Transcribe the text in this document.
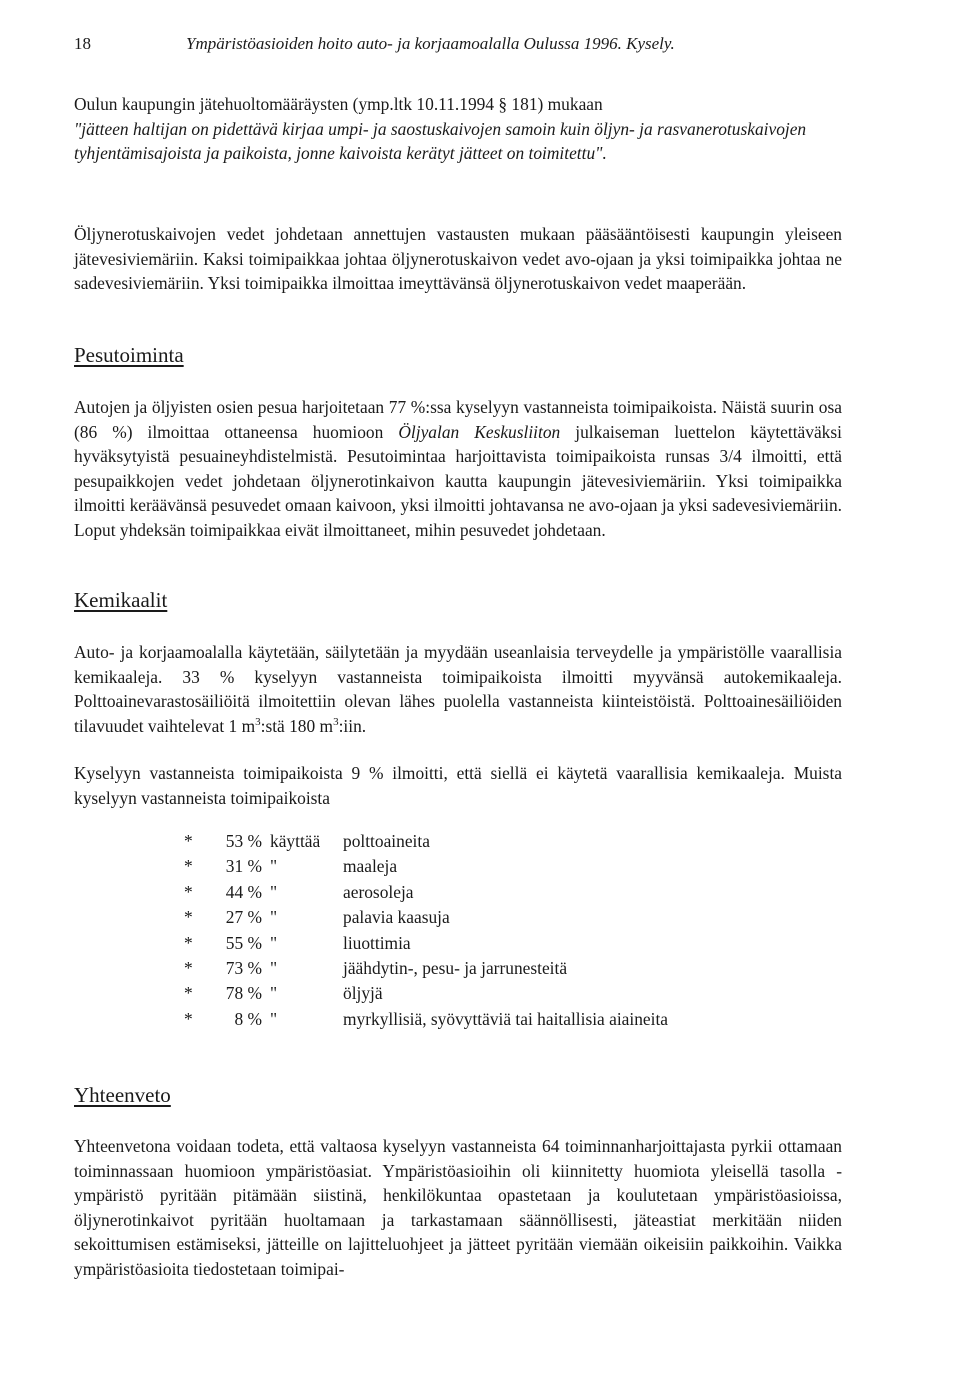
18	Ympäristöasioiden hoito auto- ja korjaamoalalla Oulussa 1996. Kysely.

Oulun kaupungin jätehuoltomääräysten (ymp.ltk 10.11.1994 § 181) mukaan

"jätteen haltijan on pidettävä kirjaa umpi- ja saostuskaivojen samoin kuin öljyn- ja rasvanerotuskaivojen tyhjentämisajoista ja paikoista, jonne kaivoista kerätyt jätteet on toimitettu".

Öljynerotuskaivojen vedet johdetaan annettujen vastausten mukaan pääsääntöisesti kaupungin yleiseen jätevesiviemäriin. Kaksi toimipaikkaa johtaa öljynerotuskaivon vedet avo-ojaan ja yksi toimipaikka johtaa ne sadevesiviemäriin. Yksi toimipaikka ilmoittaa imeyttävänsä öljynerotuskaivon vedet maaperään.

Pesutoiminta

Autojen ja öljyisten osien pesua harjoitetaan 77 %:ssa kyselyyn vastanneista toimipaikoista. Näistä suurin osa (86 %) ilmoittaa ottaneensa huomioon Öljyalan Keskusliiton julkaiseman luettelon käytettäväksi hyväksytyistä pesuaineyhdistelmistä. Pesutoimintaa harjoittavista toimipaikoista runsas 3/4 ilmoitti, että pesupaikkojen vedet johdetaan öljynerotinkaivon kautta kaupungin jätevesiviemäriin. Yksi toimipaikka ilmoitti keräävänsä pesuvedet omaan kaivoon, yksi ilmoitti johtavansa ne avo-ojaan ja yksi sadevesiviemäriin. Loput yhdeksän toimipaikkaa eivät ilmoittaneet, mihin pesuvedet johdetaan.

Kemikaalit

Auto- ja korjaamoalalla käytetään, säilytetään ja myydään useanlaisia terveydelle ja ympäristölle vaarallisia kemikaaleja. 33 % kyselyyn vastanneista toimipaikoista ilmoitti myyvänsä autokemikaaleja. Polttoainevarastosäiliöitä ilmoitettiin olevan lähes puolella vastanneista kiinteistöistä. Polttoainesäiliöiden tilavuudet vaihtelevat 1 $m^3:stä$ 180 $m^3:iin$.

Kyselyyn vastanneista toimipaikoista 9 % ilmoitti, että siellä ei käytetä vaarallisia kemikaaleja. Muista kyselyyn vastanneista toimipaikoista

*	53 % käyttää polttoaineita
*	31 % "	maaleja
*	44 % "	aerosoleja
*	27 % "	palavia kaasuja
*	55 % "	liuottimia
*	73 % "	jäähdytin-, pesu- ja jarrunesteitä
*	78 % "	öljyjä
*	8 % "	myrkyllisiä, syövyttäviä tai haitallisia aiaineita
Yhteenveto

Yhteenvetona voidaan todeta, että valtaosa kyselyyn vastanneista 64 toiminnanharjoittajasta pyrkii ottamaan toiminnassaan huomioon ympäristöasiat. Ympäristöasioihin oli kiinnitetty huomiota yleisellä tasolla - ympäristö pyritään pitämään siistinä, henkilökuntaa opastetaan ja koulutetaan ympäristöasioissa, öljynerotinkaivot pyritään huoltamaan ja tarkastamaan säännöllisesti, jäteastiat merkitään niiden sekoittumisen estämiseksi, jätteille on lajitteluohjeet ja jätteet pyritään viemään oikeisiin paikkoihin. Vaikka ympäristöasioita tiedostetaan toimipai-
